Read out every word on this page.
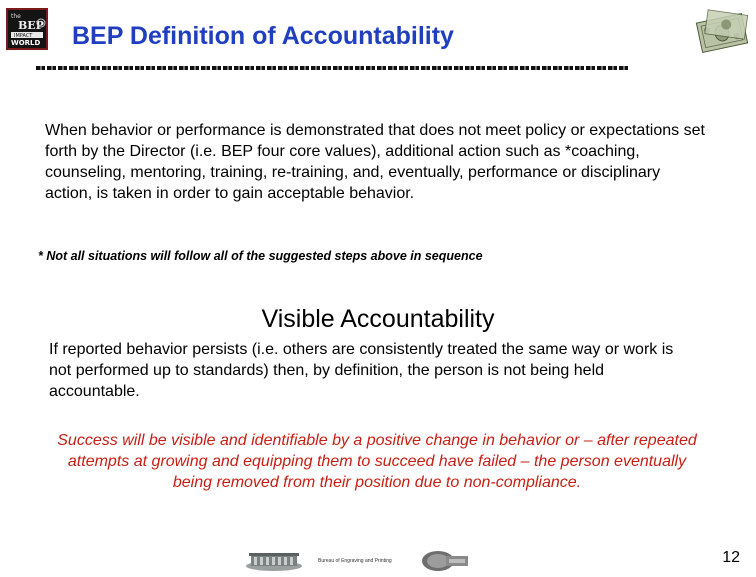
the
BEP
IMPACT
WORLD BEP Definition of Accountability
When behavior or performance is demonstrated that does not meet policy or expectations set forth by the Director (i.e. BEP four core values), additional action such as *coaching, counseling, mentoring, training, re-training, and, eventually, performance or disciplinary action, is taken in order to gain acceptable behavior.
* Not all situations will follow all of the suggested steps above in sequence
Visible Accountability
If reported behavior persists (i.e. others are consistently treated the same way or work is not performed up to standards) then, by definition, the person is not being held accountable.
Success will be visible and identifiable by a positive change in behavior or – after repeated attempts at growing and equipping them to succeed have failed – the person eventually being removed from their position due to non-compliance.
Bureau of Engraving and Printing	12
